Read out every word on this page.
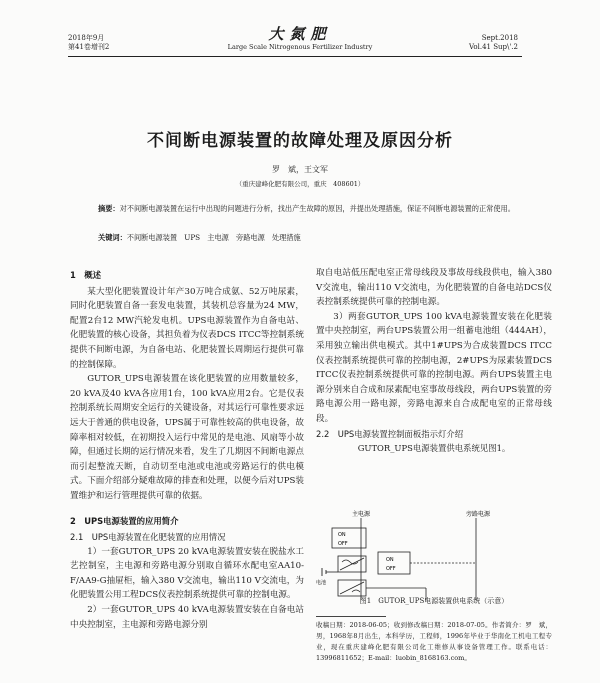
2018年9月
第41卷增刊2
大氮肥
Large Scale Nitrogenous Fertilizer Industry
Sept.2018
Vol.41 Sup\'.2
不间断电源装置的故障处理及原因分析
罗　斌，王文军
（重庆建峰化肥有限公司，重庆　408601）
摘要：对不间断电源装置在运行中出现的问题进行分析，找出产生故障的原因，并提出处理措施，保证不间断电源装置的正常使用。
关键词：不间断电源装置　UPS　主电源　旁路电源　处理措施
1　概述

某大型化肥装置设计年产30万吨合成氨、52万吨尿素，同时化肥装置自备一套发电装置，其装机总容量为24 MW，配置2台12 MW汽轮发电机。UPS电源装置作为自备电站、化肥装置的核心设备，其担负着为仪表DCS ITCC等控制系统提供不间断电源，为自备电站、化肥装置长周期运行提供可靠的控制保障。

GUTOR_UPS电源装置在该化肥装置的应用数量较多，20 kVA及40 kVA各应用1台，100 kVA应用2台。它是仪表控制系统长周期安全运行的关键设备，对其运行可靠性要求远远大于普通的供电设备，UPS属于可靠性较高的供电设备，故障率相对较低，在初期投入运行中常见的是电池、风扇等小故障，但通过长期的运行情况来看，发生了几期因不间断电源点而引起整流天断，自动切至电池或电池或旁路运行的供电模式。下面介绍部分疑难故障的排查和处理，以便今后对UPS装置维护和运行管理提供可靠的依据。

2　UPS电源装置的应用简介
2.1　UPS电源装置在化肥装置的应用情况

1）一套GUTOR_UPS 20 kVA电源装置安装在脱盐水工艺控制室，主电源和旁路电源分别取自循环水配电室AA10-F/AA9-G抽屉柜，输入380 V交流电，输出110 V交流电，为化肥装置公用工程DCS仪表控制系统提供可靠的控制电源。

2）一套GUTOR_UPS 40 kVA电源装置安装在自备电站中央控制室，主电源和旁路电源分别

取自电站低压配电室正常母线段及事故母线段供电，输入380 V交流电，输出110 V交流电，为化肥装置的自备电站DCS仪表控制系统提供可靠的控制电源。

3）两套GUTOR_UPS 100 kVA电源装置安装在化肥装置中央控制室，两台UPS装置公用一组蓄电池组（444AH），采用独立输出供电模式。其中1#UPS为合成装置DCS ITCC仪表控制系统提供可靠的控制电源，2#UPS为尿素装置DCS ITCC仪表控制系统提供可靠的控制电源。两台UPS装置主电源分别来自合成和尿素配电室事故母线段，两台UPS装置的旁路电源公用一路电源，旁路电源来自合成配电室的正常母线段。

2.2　UPS电源装置控制面板指示灯介绍
GUTOR_UPS电源装置供电系统见图1。
主电源	旁路电源
ON
OFF
电池
ON
OFF
图1　GUTOR_UPS电源装置供电系统（示意）
收稿日期：2018-06-05；收到修改稿日期：2018-07-05。作者简介：罗　斌，男，1968年8月出生，本科学历，工程师，1996年毕业于华南化工机电工程专业，现在重庆建峰化肥有限公司化工维修从事设备管理工作。联系电话：13996811652；E-mail：luobin_8168163.com。
